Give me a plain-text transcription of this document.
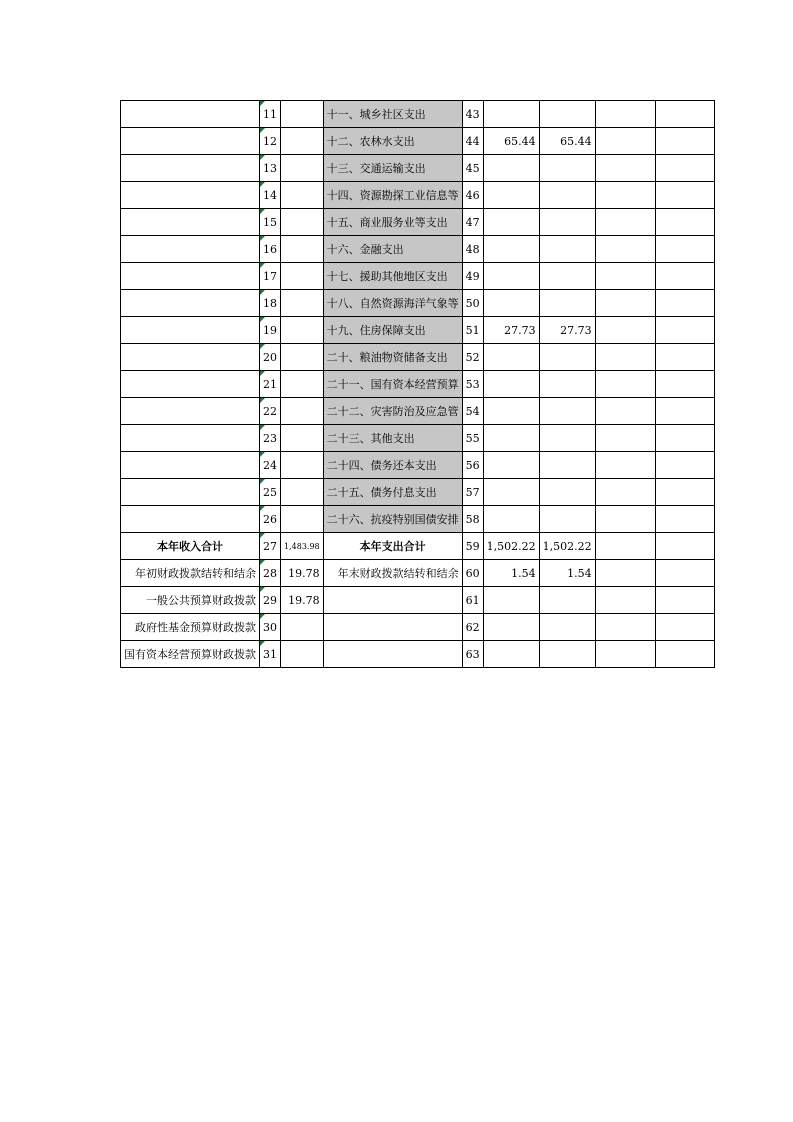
	11		十一、城乡社区支出	43				
	12		十二、农林水支出	44	65.44	65.44		
	13		十三、交通运输支出	45				
	14		十四、资源勘探工业信息等	46				
	15		十五、商业服务业等支出	47				
	16		十六、金融支出	48				
	17		十七、援助其他地区支出	49				
	18		十八、自然资源海洋气象等	50				
	19		十九、住房保障支出	51	27.73	27.73		
	20		二十、粮油物资储备支出	52				
	21		二十一、国有资本经营预算	53				
	22		二十二、灾害防治及应急管	54				
	23		二十三、其他支出	55				
	24		二十四、债务还本支出	56				
	25		二十五、债务付息支出	57				
	26		二十六、抗疫特别国债安排	58				
本年收入合计	27	1,483.98	本年支出合计	59	1,502.22	1,502.22		
年初财政拨款结转和结余	28	19.78	年末财政拨款结转和结余	60	1.54	1.54		
一般公共预算财政拨款	29	19.78		61				
政府性基金预算财政拨款	30			62				
国有资本经营预算财政拨款	31			63				
